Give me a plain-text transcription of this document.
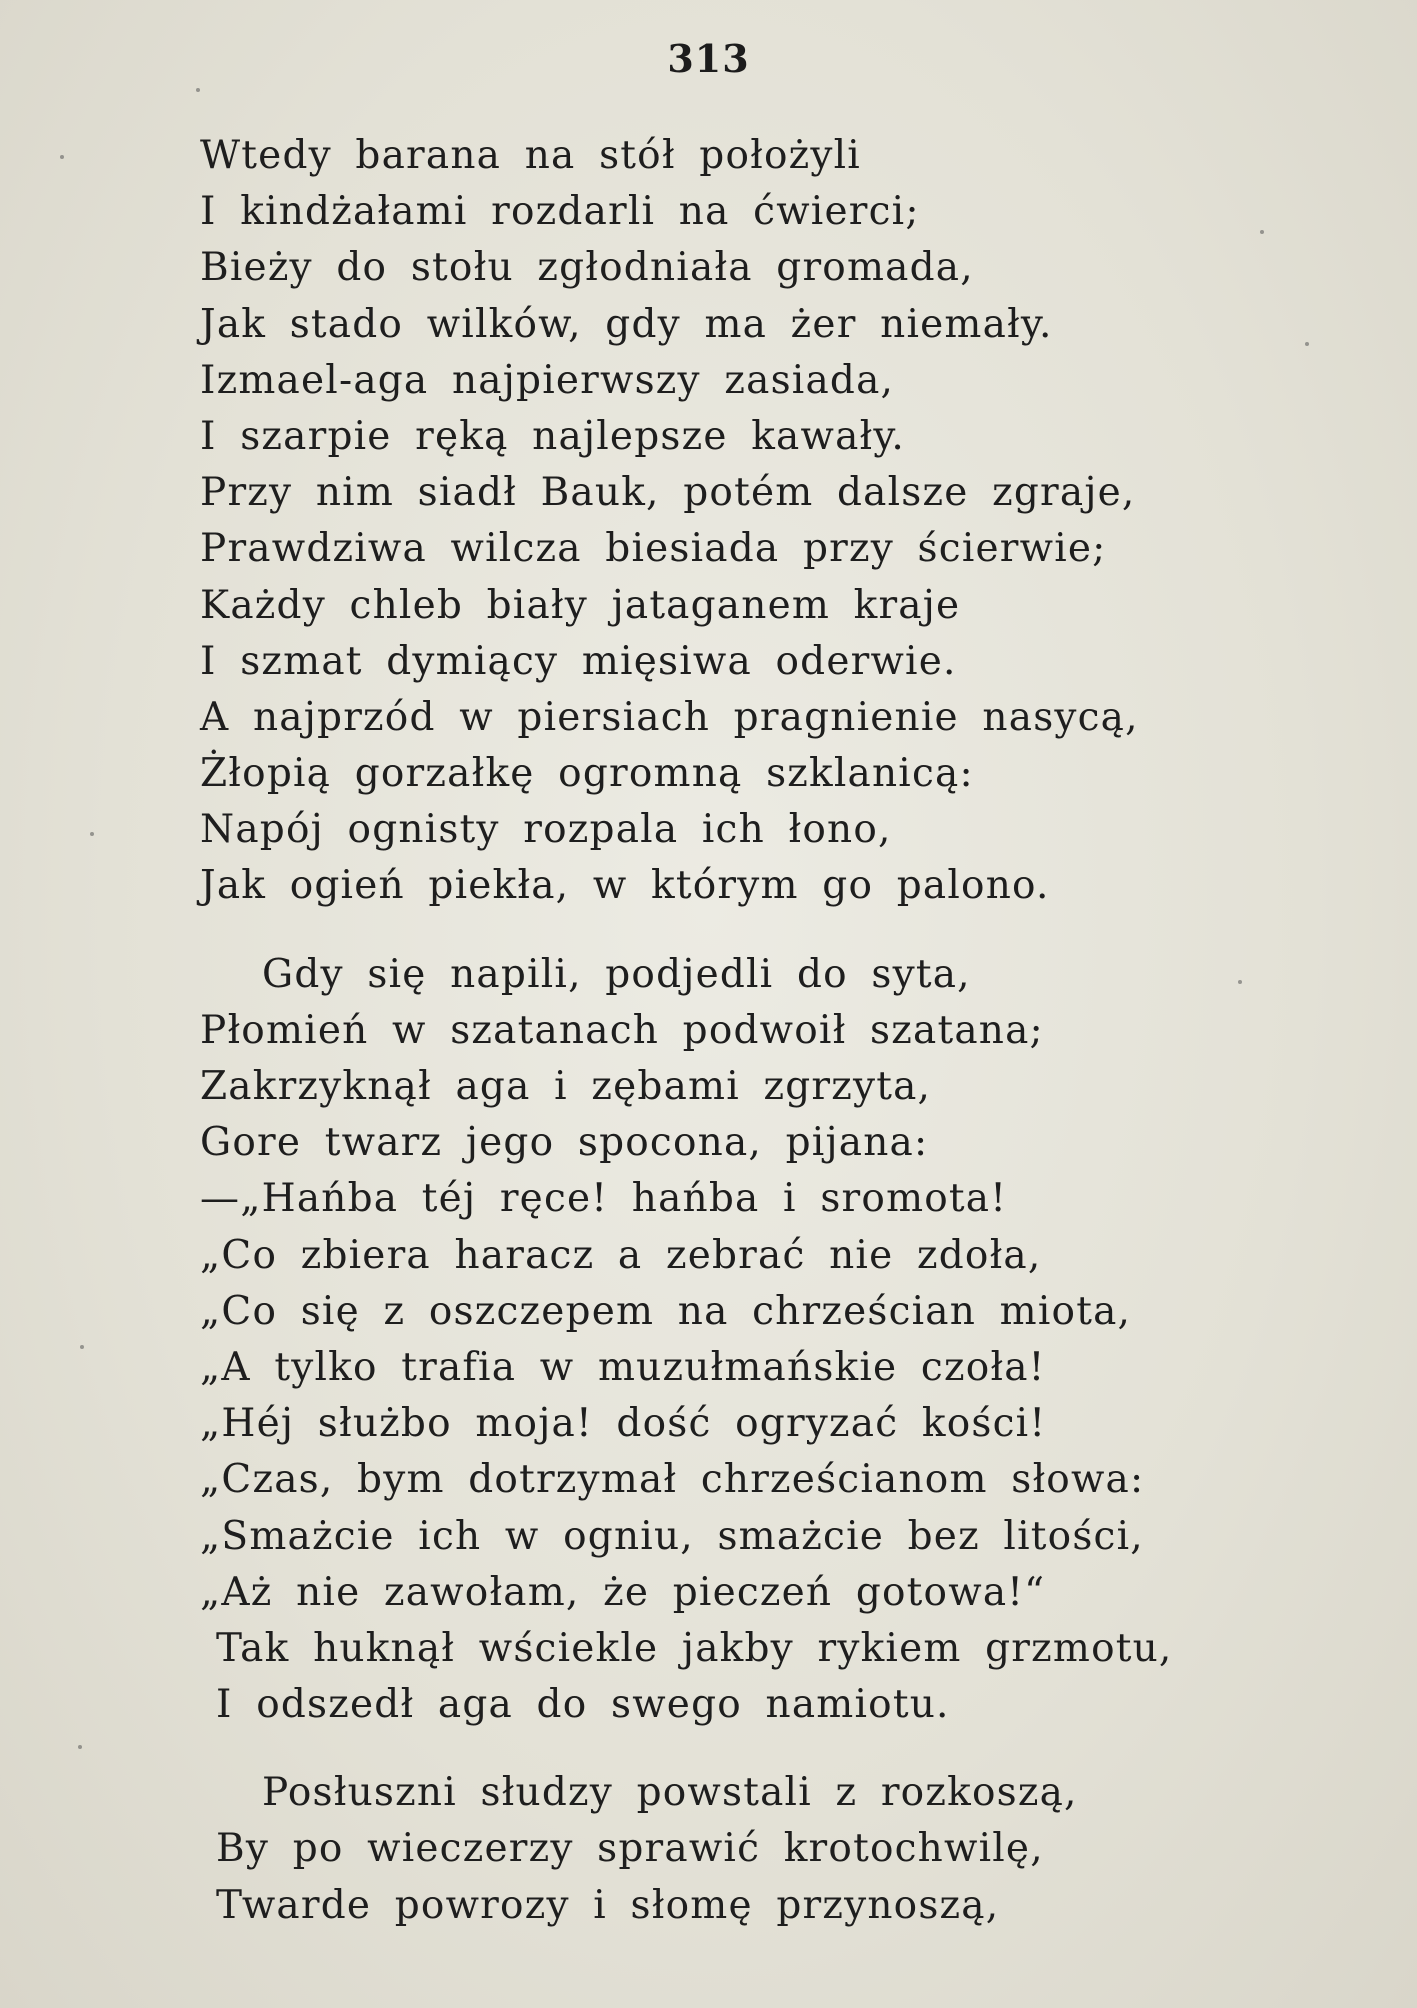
313
Wtedy barana na stół położyli
I kindżałami rozdarli na ćwierci;
Bieży do stołu zgłodniała gromada,
Jak stado wilków, gdy ma żer niemały.
Izmael-aga najpierwszy zasiada,
I szarpie ręką najlepsze kawały.
Przy nim siadł Bauk, potém dalsze zgraje,
Prawdziwa wilcza biesiada przy ścierwie;
Każdy chleb biały jataganem kraje
I szmat dymiący mięsiwa oderwie.
A najprzód w piersiach pragnienie nasycą,
Żłopią gorzałkę ogromną szklanicą:
Napój ognisty rozpala ich łono,
Jak ogień piekła, w którym go palono.
Gdy się napili, podjedli do syta,
Płomień w szatanach podwoił szatana;
Zakrzyknął aga i zębami zgrzyta,
Gore twarz jego spocona, pijana:
—„Hańba téj ręce! hańba i sromota!
„Co zbiera haracz a zebrać nie zdoła,
„Co się z oszczepem na chrześcian miota,
„A tylko trafia w muzułmańskie czoła!
„Héj służbo moja! dość ogryzać kości!
„Czas, bym dotrzymał chrześcianom słowa:
„Smażcie ich w ogniu, smażcie bez litości,
„Aż nie zawołam, że pieczeń gotowa!“
Tak huknął wściekle jakby rykiem grzmotu,
I odszedł aga do swego namiotu.
Posłuszni słudzy powstali z rozkoszą,
By po wieczerzy sprawić krotochwilę,
Twarde powrozy i słomę przynoszą,
